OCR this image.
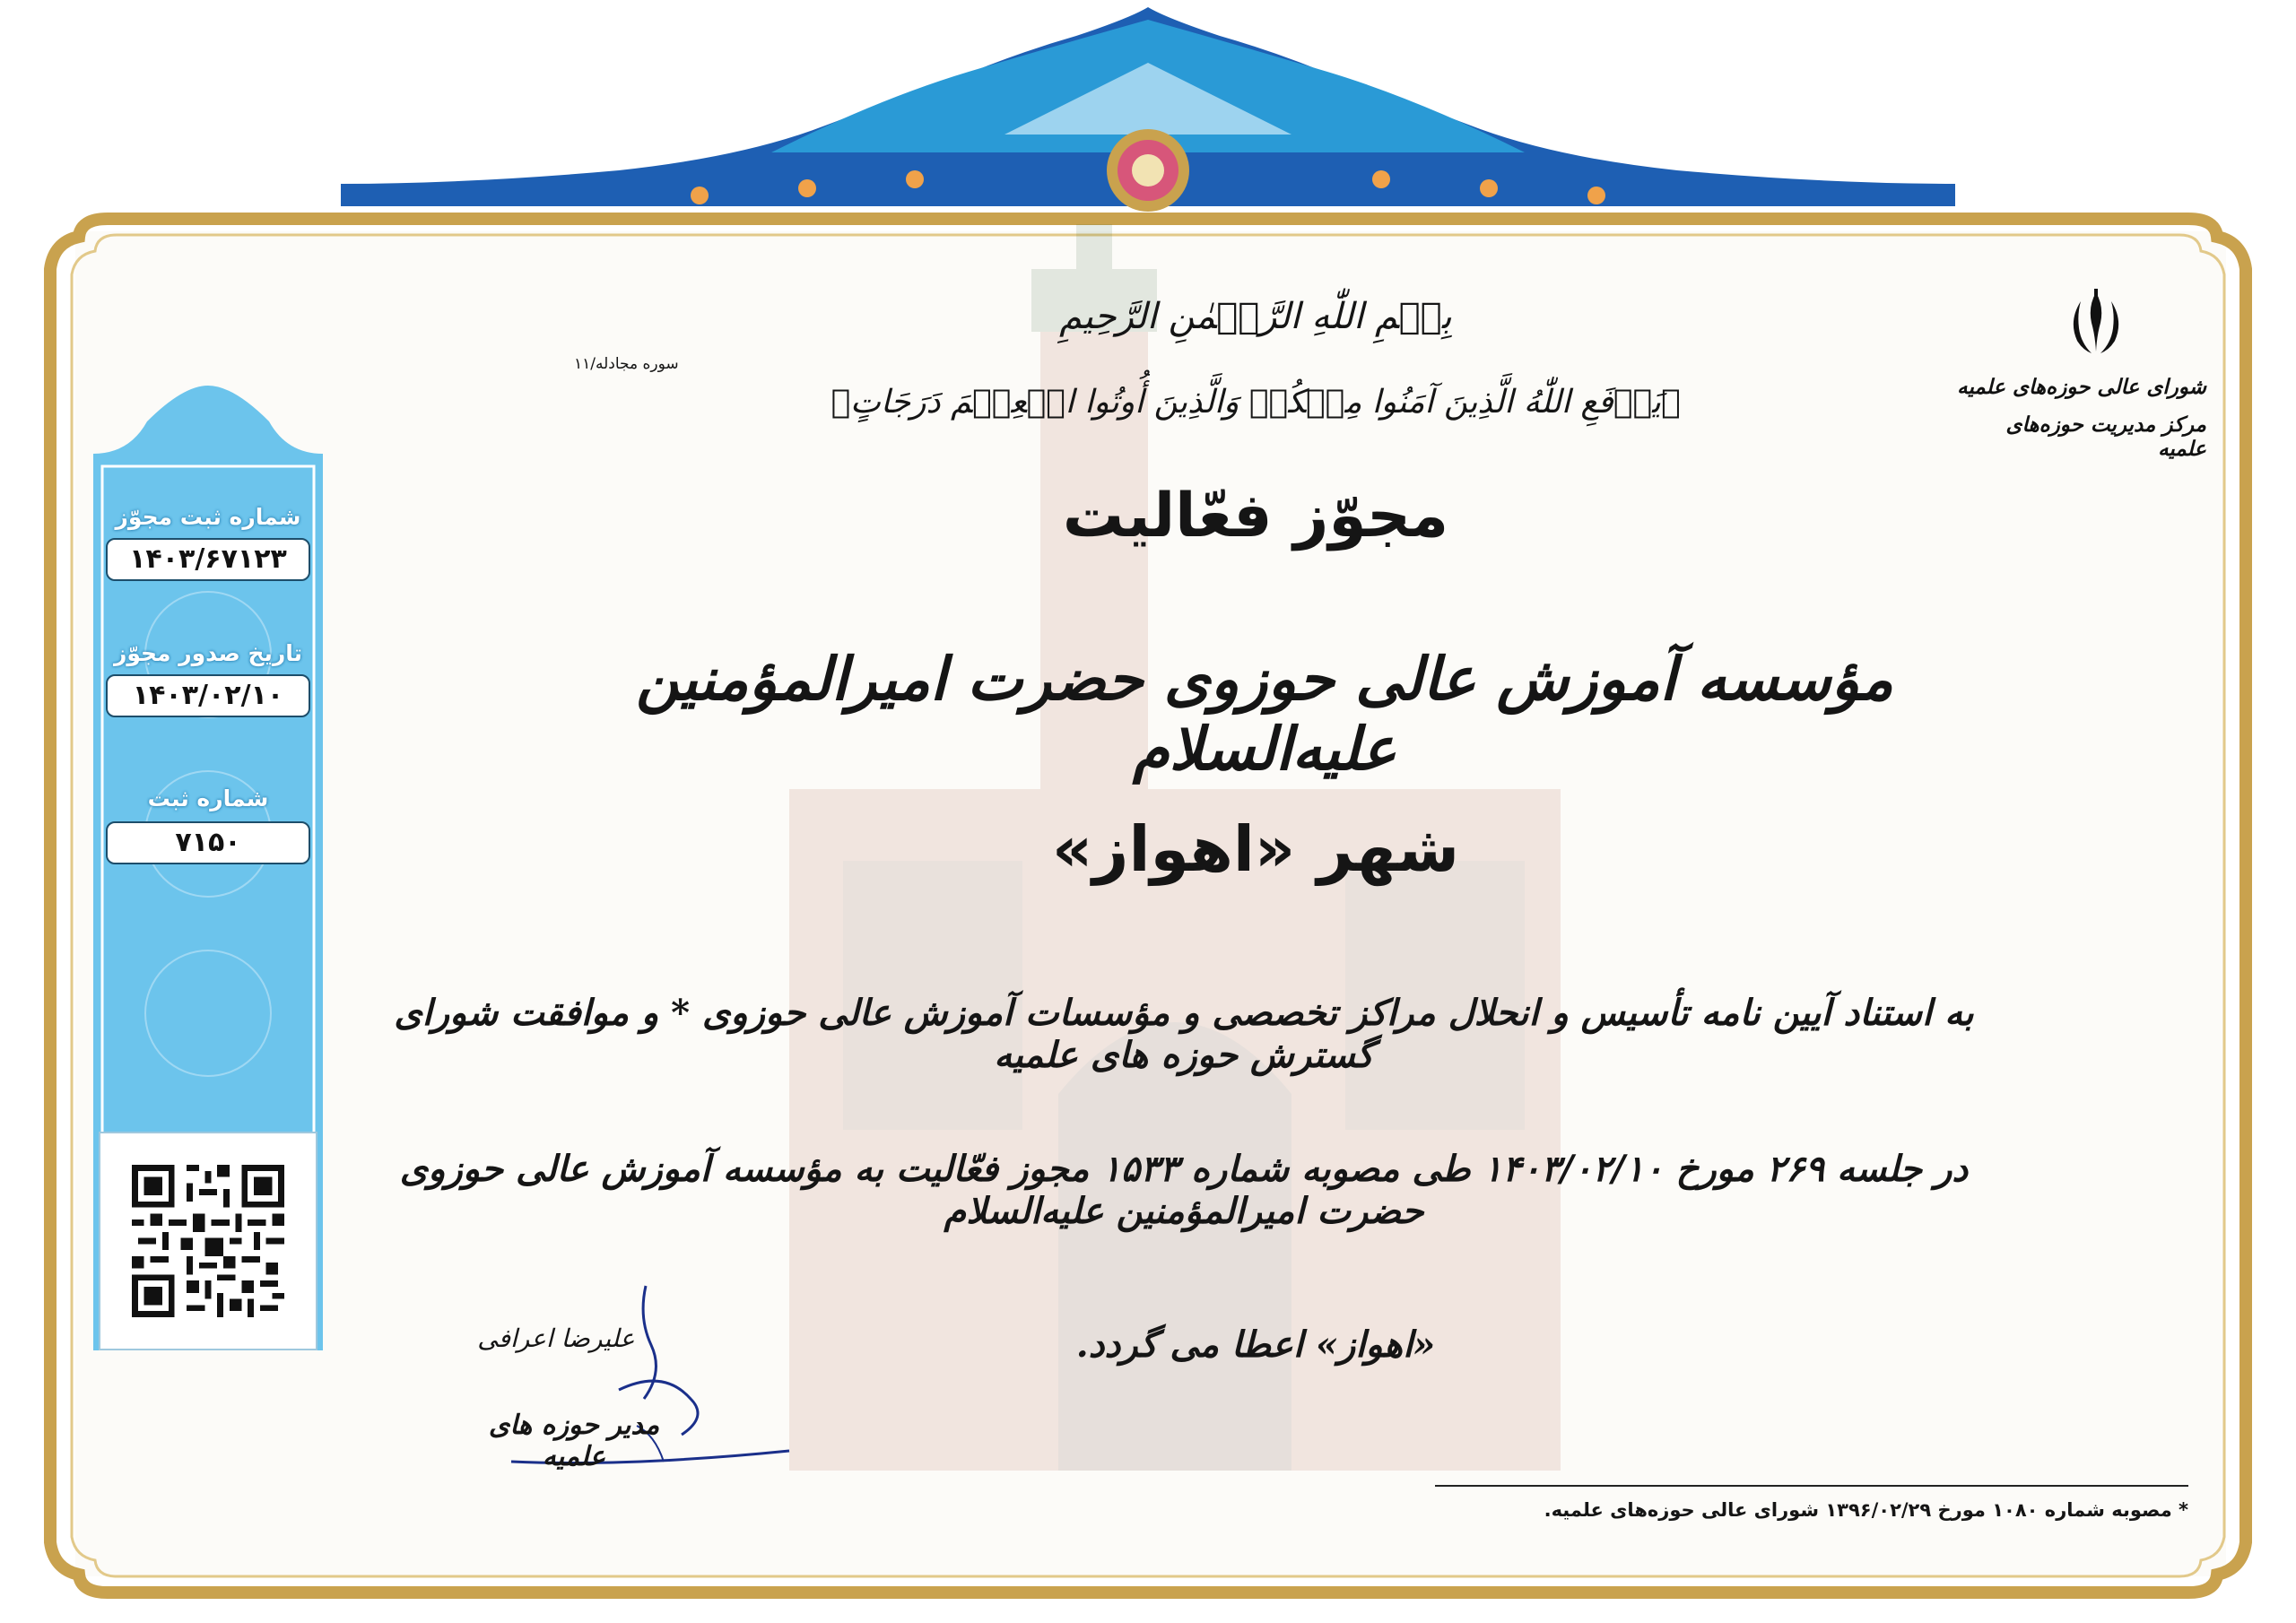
شماره ثبت مجوّز
۱۴۰۳/۶۷۱۲۳
تاریخ صدور مجوّز
۱۴۰۳/۰۲/۱۰
شماره ثبت
۷۱۵۰
شورای عالی حوزه‌های علمیه
مرکز مدیریت حوزه‌های علمیه
بِسۡمِ اللّٰهِ الرَّحۡمٰنِ الرَّحِيمِ
سوره مجادله/۱۱
﴿يَرۡفَعِ اللّٰهُ الَّذِينَ آمَنُوا مِنۡكُمۡ وَالَّذِينَ أُوتُوا الۡعِلۡمَ دَرَجَاتٍ﴾
مجوّز فعّالیت
مؤسسه آموزش عالی حوزوی حضرت امیرالمؤمنین علیه‌السلام
شهر «اهواز»
به استناد آیین نامه تأسیس و انحلال مراکز تخصصی و مؤسسات آموزش عالی حوزوی * و موافقت شورای گسترش حوزه های علمیه
در جلسه ۲۶۹ مورخ ۱۴۰۳/۰۲/۱۰ طی مصوبه شماره ۱۵۳۳ مجوز فعّالیت به مؤسسه آموزش عالی حوزوی حضرت امیرالمؤمنین علیه‌السلام
«اهواز» اعطا می گردد.
علیرضا اعرافی
مدیر حوزه های علمیه
* مصوبه شماره ۱۰۸۰ مورخ ۱۳۹۶/۰۲/۲۹ شورای عالی حوزه‌های علمیه.
